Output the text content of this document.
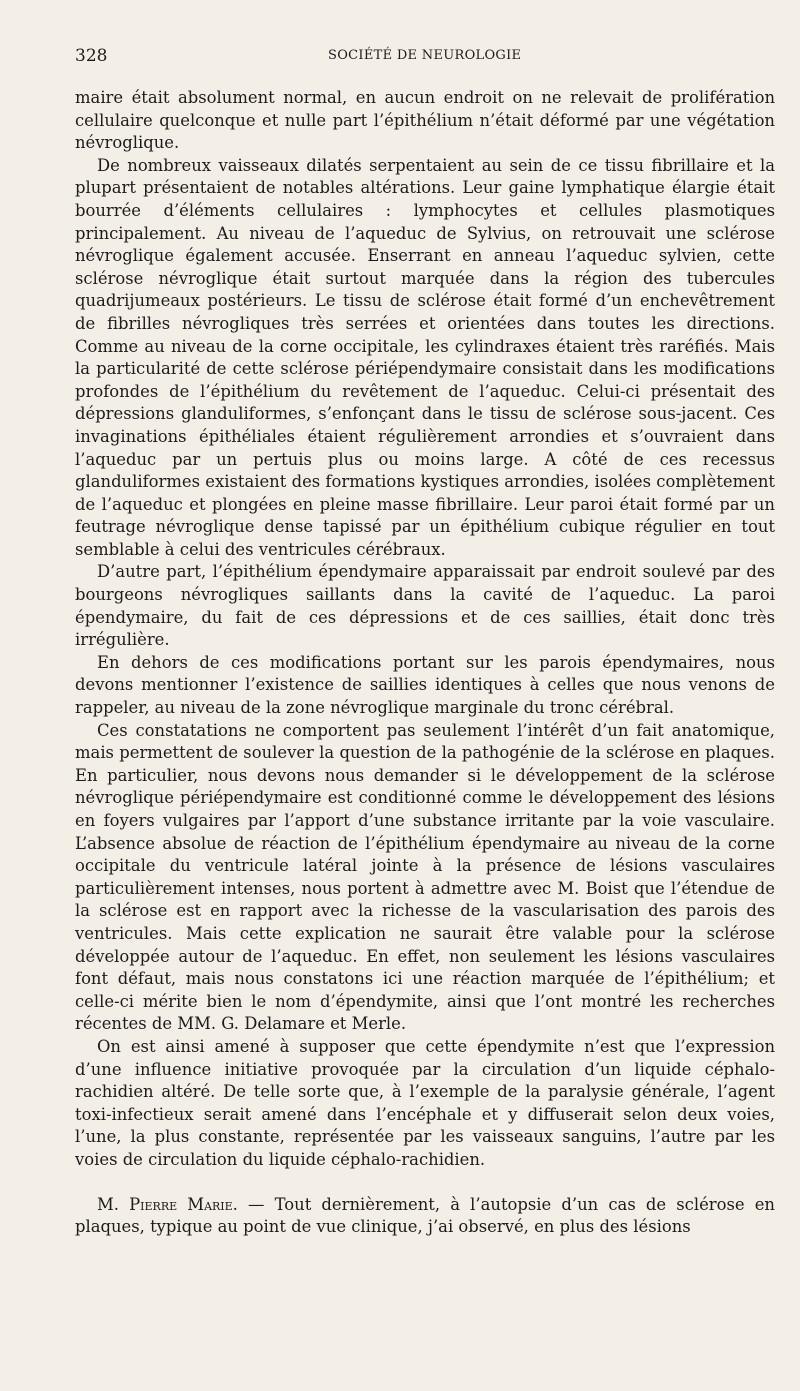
328	SOCIÉTÉ DE NEUROLOGIE

maire était absolument normal, en aucun endroit on ne relevait de prolifération cellulaire quelconque et nulle part l’épithélium n’était déformé par une végétation névroglique.

De nombreux vaisseaux dilatés serpentaient au sein de ce tissu fibrillaire et la plupart présentaient de notables altérations. Leur gaine lymphatique élargie était bourrée d’éléments cellulaires : lymphocytes et cellules plasmotiques principalement. Au niveau de l’aqueduc de Sylvius, on retrouvait une sclérose névroglique également accusée. Enserrant en anneau l’aqueduc sylvien, cette sclérose névroglique était surtout marquée dans la région des tubercules quadrijumeaux postérieurs. Le tissu de sclérose était formé d’un enchevêtrement de fibrilles névrogliques très serrées et orientées dans toutes les directions. Comme au niveau de la corne occipitale, les cylindraxes étaient très raréfiés. Mais la particularité de cette sclérose périépendymaire consistait dans les modifications profondes de l’épithélium du revêtement de l’aqueduc. Celui-ci présentait des dépressions glanduliformes, s’enfonçant dans le tissu de sclérose sous-jacent. Ces invaginations épithéliales étaient régulièrement arrondies et s’ouvraient dans l’aqueduc par un pertuis plus ou moins large. A côté de ces recessus glanduliformes existaient des formations kystiques arrondies, isolées complètement de l’aqueduc et plongées en pleine masse fibrillaire. Leur paroi était formé par un feutrage névroglique dense tapissé par un épithélium cubique régulier en tout semblable à celui des ventricules cérébraux.

D’autre part, l’épithélium épendymaire apparaissait par endroit soulevé par des bourgeons névrogliques saillants dans la cavité de l’aqueduc. La paroi épendymaire, du fait de ces dépressions et de ces saillies, était donc très irrégulière.

En dehors de ces modifications portant sur les parois épendymaires, nous devons mentionner l’existence de saillies identiques à celles que nous venons de rappeler, au niveau de la zone névroglique marginale du tronc cérébral.

Ces constatations ne comportent pas seulement l’intérêt d’un fait anatomique, mais permettent de soulever la question de la pathogénie de la sclérose en plaques. En particulier, nous devons nous demander si le développement de la sclérose névroglique périépendymaire est conditionné comme le développement des lésions en foyers vulgaires par l’apport d’une substance irritante par la voie vasculaire. L’absence absolue de réaction de l’épithélium épendymaire au niveau de la corne occipitale du ventricule latéral jointe à la présence de lésions vasculaires particulièrement intenses, nous portent à admettre avec M. Boist que l’étendue de la sclérose est en rapport avec la richesse de la vascularisation des parois des ventricules. Mais cette explication ne saurait être valable pour la sclérose développée autour de l’aqueduc. En effet, non seulement les lésions vasculaires font défaut, mais nous constatons ici une réaction marquée de l’épithélium; et celle-ci mérite bien le nom d’épendymite, ainsi que l’ont montré les recherches récentes de MM. G. Delamare et Merle.

On est ainsi amené à supposer que cette épendymite n’est que l’expression d’une influence initiative provoquée par la circulation d’un liquide céphalo-rachidien altéré. De telle sorte que, à l’exemple de la paralysie générale, l’agent toxi-infectieux serait amené dans l’encéphale et y diffuserait selon deux voies, l’une, la plus constante, représentée par les vaisseaux sanguins, l’autre par les voies de circulation du liquide céphalo-rachidien.

M. Pierre Marie. — Tout dernièrement, à l’autopsie d’un cas de sclérose en plaques, typique au point de vue clinique, j’ai observé, en plus des lésions
